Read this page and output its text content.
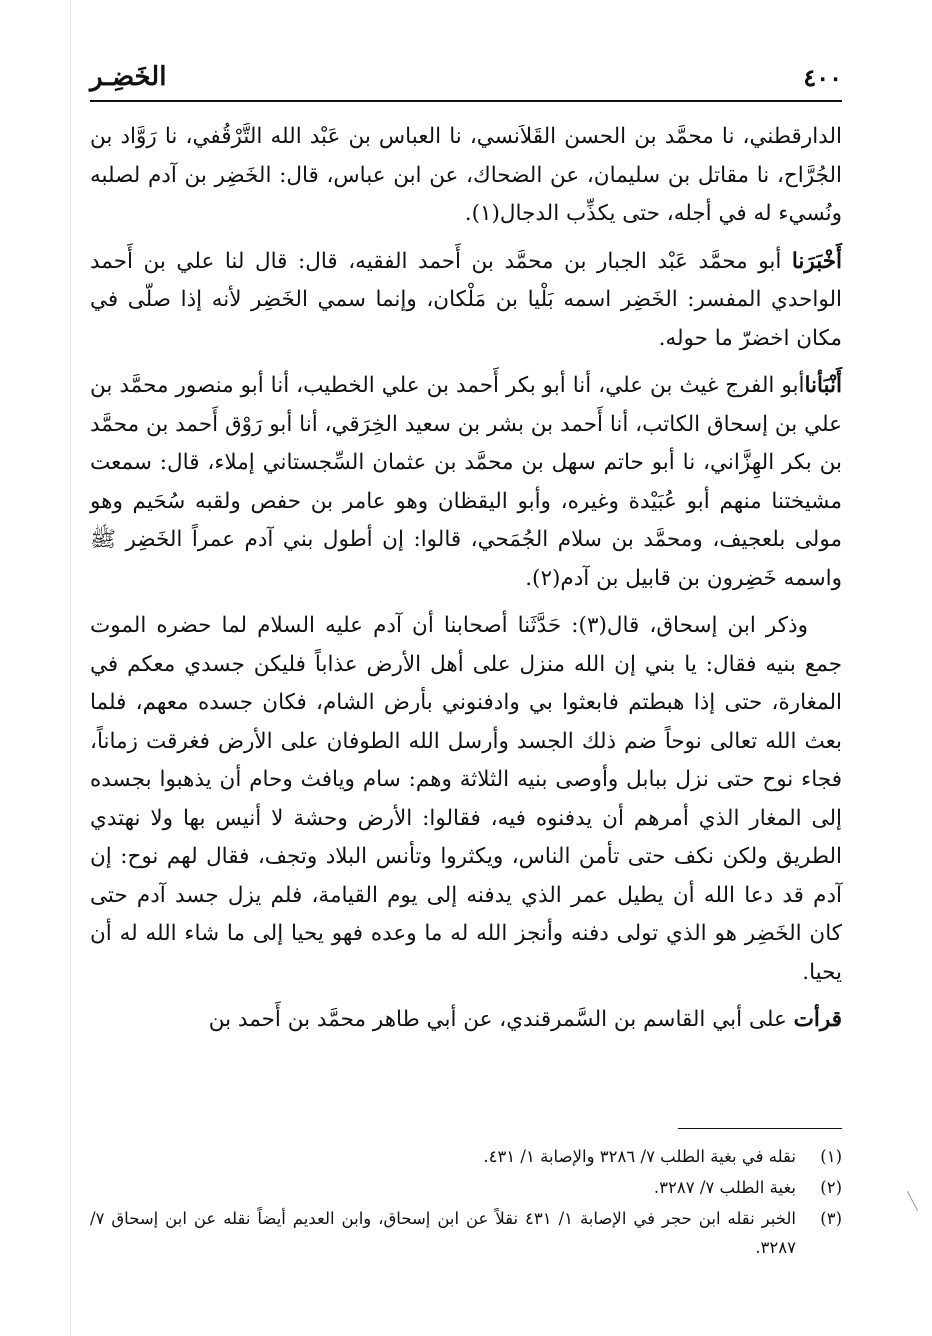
٤٠٠
الخَضِـر

الدارقطني، نا محمَّد بن الحسن القَلاَنسي، نا العباس بن عَبْد الله التَّرْقُفي، نا رَوَّاد بن الجُرَّاح، نا مقاتل بن سليمان، عن الضحاك، عن ابن عباس، قال: الخَضِر بن آدم لصلبه ونُسيء له في أجله، حتى يكذِّب الدجال(١).

أَخْبَرَنا أبو محمَّد عَبْد الجبار بن محمَّد بن أَحمد الفقيه، قال: قال لنا علي بن أَحمد الواحدي المفسر: الخَضِر اسمه بَلْيا بن مَلْكان، وإنما سمي الخَضِر لأنه إذا صلّى في مكان اخضرّ ما حوله.

أَنْبَأناأبو الفرج غيث بن علي، أنا أبو بكر أَحمد بن علي الخطيب، أنا أبو منصور محمَّد بن علي بن إسحاق الكاتب، أنا أَحمد بن بشر بن سعيد الخِرَقي، أنا أبو رَوْق أَحمد بن محمَّد بن بكر الهِزَّاني، نا أبو حاتم سهل بن محمَّد بن عثمان السِّجستاني إملاء، قال: سمعت مشيختنا منهم أبو عُبَيْدة وغيره، وأبو اليقظان وهو عامر بن حفص ولقبه سُحَيم وهو مولى بلعجيف، ومحمَّد بن سلام الجُمَحي، قالوا: إن أطول بني آدم عمراً الخَضِر ﷺ واسمه خَضِرون بن قابيل بن آدم(٢).

وذكر ابن إسحاق، قال(٣): حَدَّثَنا أصحابنا أن آدم عليه السلام لما حضره الموت جمع بنيه فقال: يا بني إن الله منزل على أهل الأرض عذاباً فليكن جسدي معكم في المغارة، حتى إذا هبطتم فابعثوا بي وادفنوني بأرض الشام، فكان جسده معهم، فلما بعث الله تعالى نوحاً ضم ذلك الجسد وأرسل الله الطوفان على الأرض فغرقت زماناً، فجاء نوح حتى نزل ببابل وأوصى بنيه الثلاثة وهم: سام ويافث وحام أن يذهبوا بجسده إلى المغار الذي أمرهم أن يدفنوه فيه، فقالوا: الأرض وحشة لا أنيس بها ولا نهتدي الطريق ولكن نكف حتى تأمن الناس، ويكثروا وتأنس البلاد وتجف، فقال لهم نوح: إن آدم قد دعا الله أن يطيل عمر الذي يدفنه إلى يوم القيامة، فلم يزل جسد آدم حتى كان الخَضِر هو الذي تولى دفنه وأنجز الله له ما وعده فهو يحيا إلى ما شاء الله له أن يحيا.

قرأت على أبي القاسم بن السَّمرقندي، عن أبي طاهر محمَّد بن أَحمد بن

(١)
نقله في بغية الطلب ٧/ ٣٢٨٦ والإصابة ١/ ٤٣١.
(٢)
بغية الطلب ٧/ ٣٢٨٧.
(٣)
الخبر نقله ابن حجر في الإصابة ١/ ٤٣١ نقلاً عن ابن إسحاق، وابن العديم أيضاً نقله عن ابن إسحاق ٧/ ٣٢٨٧.
